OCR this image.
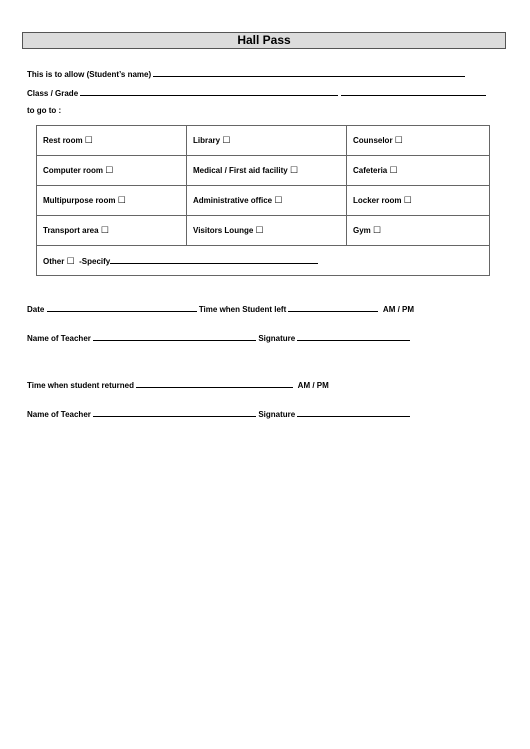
Hall Pass
This is to allow (Student’s name)
Class / Grade
to go to :
Rest room ☐	Library ☐	Counselor ☐
Computer room ☐	Medical / First aid facility ☐	Cafeteria ☐
Multipurpose room ☐	Administrative office ☐	Locker room ☐
Transport area ☐	Visitors Lounge ☐	Gym ☐
Other ☐ -Specify		
Date	Time when Student left	AM / PM
Name of Teacher	Signature
Time when student returned	AM / PM
Name of Teacher	Signature
